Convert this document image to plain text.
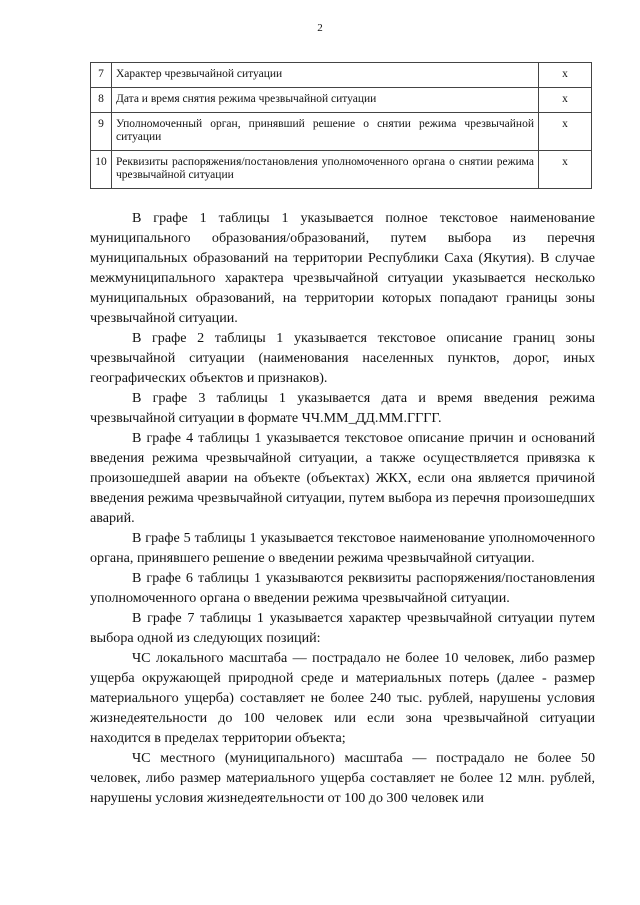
2
7	Характер чрезвычайной ситуации	х
8	Дата и время снятия режима чрезвычайной ситуации	х
9	Уполномоченный орган, принявший решение о снятии режима чрезвычайной ситуации	х
10	Реквизиты распоряжения/постановления уполномоченного органа о снятии режима чрезвычайной ситуации	х

В графе 1 таблицы 1 указывается полное текстовое наименование муниципального образования/образований, путем выбора из перечня муниципальных образований на территории Республики Саха (Якутия). В случае межмуниципального характера чрезвычайной ситуации указывается несколько муниципальных образований, на территории которых попадают границы зоны чрезвычайной ситуации.

В графе 2 таблицы 1 указывается текстовое описание границ зоны чрезвычайной ситуации (наименования населенных пунктов, дорог, иных географических объектов и признаков).

В графе 3 таблицы 1 указывается дата и время введения режима чрезвычайной ситуации в формате ЧЧ.ММ_ДД.ММ.ГГГГ.

В графе 4 таблицы 1 указывается текстовое описание причин и оснований введения режима чрезвычайной ситуации, а также осуществляется привязка к произошедшей аварии на объекте (объектах) ЖКХ, если она является причиной введения режима чрезвычайной ситуации, путем выбора из перечня произошедших аварий.

В графе 5 таблицы 1 указывается текстовое наименование уполномоченного органа, принявшего решение о введении режима чрезвычайной ситуации.

В графе 6 таблицы 1 указываются реквизиты распоряжения/постановления уполномоченного органа о введении режима чрезвычайной ситуации.

В графе 7 таблицы 1 указывается характер чрезвычайной ситуации путем выбора одной из следующих позиций:

ЧС локального масштаба — пострадало не более 10 человек, либо размер ущерба окружающей природной среде и материальных потерь (далее - размер материального ущерба) составляет не более 240 тыс. рублей, нарушены условия жизнедеятельности до 100 человек или если зона чрезвычайной ситуации находится в пределах территории объекта;

ЧС местного (муниципального) масштаба — пострадало не более 50 человек, либо размер материального ущерба составляет не более 12 млн. рублей, нарушены условия жизнедеятельности от 100 до 300 человек или
